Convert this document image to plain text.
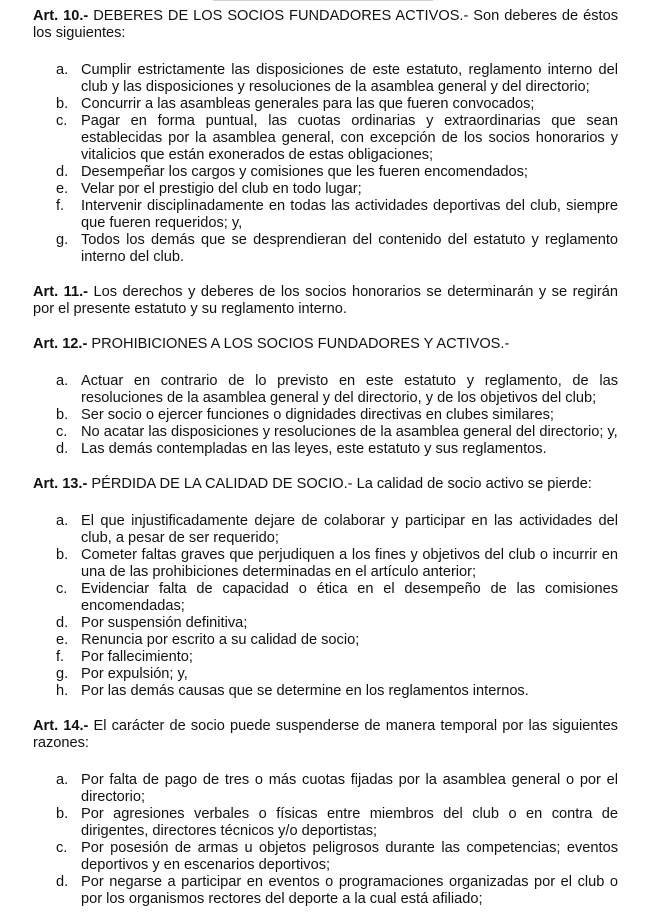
Art. 10.- DEBERES DE LOS SOCIOS FUNDADORES ACTIVOS.- Son deberes de éstos los siguientes:

a. Cumplir estrictamente las disposiciones de este estatuto, reglamento interno del club y las disposiciones y resoluciones de la asamblea general y del directorio;
b. Concurrir a las asambleas generales para las que fueren convocados;
c. Pagar en forma puntual, las cuotas ordinarias y extraordinarias que sean establecidas por la asamblea general, con excepción de los socios honorarios y vitalicios que están exonerados de estas obligaciones;
d. Desempeñar los cargos y comisiones que les fueren encomendados;
e. Velar por el prestigio del club en todo lugar;
f. Intervenir disciplinadamente en todas las actividades deportivas del club, siempre que fueren requeridos; y,
g. Todos los demás que se desprendieran del contenido del estatuto y reglamento interno del club.

Art. 11.- Los derechos y deberes de los socios honorarios se determinarán y se regirán por el presente estatuto y su reglamento interno.

Art. 12.- PROHIBICIONES A LOS SOCIOS FUNDADORES Y ACTIVOS.-

a. Actuar en contrario de lo previsto en este estatuto y reglamento, de las resoluciones de la asamblea general y del directorio, y de los objetivos del club;
b. Ser socio o ejercer funciones o dignidades directivas en clubes similares;
c. No acatar las disposiciones y resoluciones de la asamblea general del directorio; y,
d. Las demás contempladas en las leyes, este estatuto y sus reglamentos.

Art. 13.- PÉRDIDA DE LA CALIDAD DE SOCIO.- La calidad de socio activo se pierde:

a. El que injustificadamente dejare de colaborar y participar en las actividades del club, a pesar de ser requerido;
b. Cometer faltas graves que perjudiquen a los fines y objetivos del club o incurrir en una de las prohibiciones determinadas en el artículo anterior;
c. Evidenciar falta de capacidad o ética en el desempeño de las comisiones encomendadas;
d. Por suspensión definitiva;
e. Renuncia por escrito a su calidad de socio;
f. Por fallecimiento;
g. Por expulsión; y,
h. Por las demás causas que se determine en los reglamentos internos.

Art. 14.- El carácter de socio puede suspenderse de manera temporal por las siguientes razones:

a. Por falta de pago de tres o más cuotas fijadas por la asamblea general o por el directorio;
b. Por agresiones verbales o físicas entre miembros del club o en contra de dirigentes, directores técnicos y/o deportistas;
c. Por posesión de armas u objetos peligrosos durante las competencias; eventos deportivos y en escenarios deportivos;
d. Por negarse a participar en eventos o programaciones organizadas por el club o por los organismos rectores del deporte a la cual está afiliado;
